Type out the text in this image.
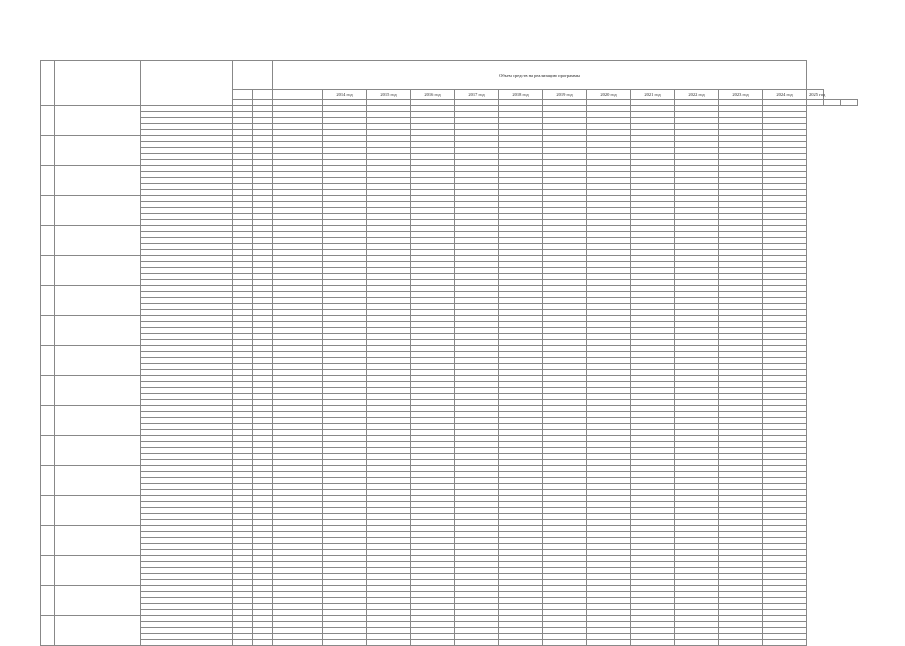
					Объем средств на реализацию программы														
						2014 год	2015 год	2016 год	2017 год	2018 год	2019 год	2020 год	2021 год	2022 год	2023 год	2024 год	2025 год		
